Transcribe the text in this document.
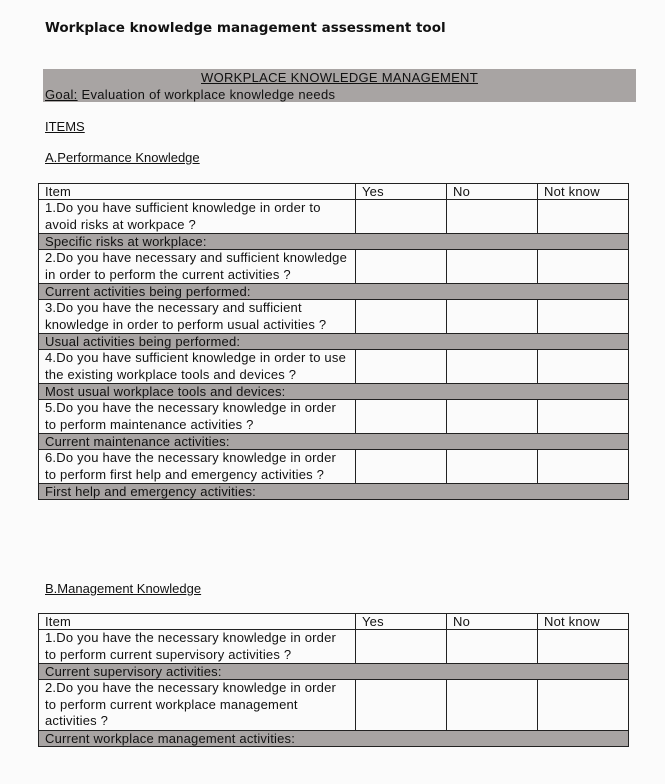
Workplace knowledge management assessment tool
WORKPLACE KNOWLEDGE MANAGEMENT
Goal: Evaluation of workplace knowledge needs
ITEMS
A.Performance Knowledge
Item	Yes	No	Not know
1.Do you have sufficient knowledge in order to avoid risks at workpace ?			
Specific risks at workplace:			
2.Do you have necessary and sufficient knowledge in order to perform the current activities ?			
Current activities being performed:			
3.Do you have the necessary and sufficient knowledge in order to perform usual activities ?			
Usual activities being performed:			
4.Do you have sufficient knowledge in order to use the existing workplace tools and devices ?			
Most usual workplace tools and devices:			
5.Do you have the necessary knowledge in order to perform maintenance activities ?			
Current maintenance activities:			
6.Do you have the necessary knowledge in order to perform first help and emergency activities ?			
First help and emergency activities:			
B.Management Knowledge
Item	Yes	No	Not know
1.Do you have the necessary knowledge in order to perform current supervisory activities ?			
Current supervisory activities:			
2.Do you have the necessary knowledge in order to perform current workplace management activities ?			
Current workplace management activities:			
